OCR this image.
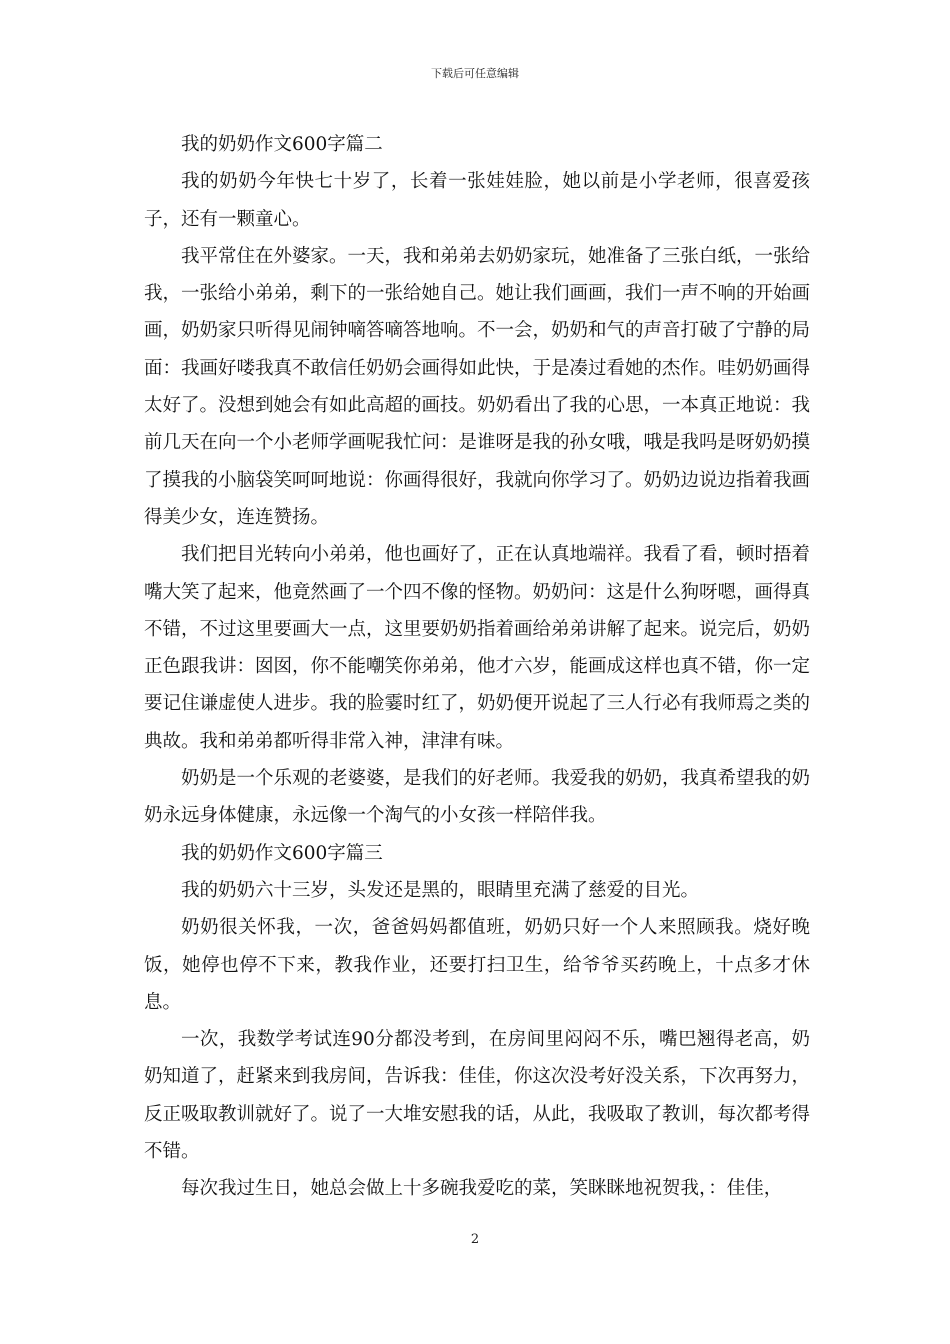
下载后可任意编辑

我的奶奶作文600字篇二

我的奶奶今年快七十岁了，长着一张娃娃脸，她以前是小学老师，很喜爱孩子，还有一颗童心。

我平常住在外婆家。一天，我和弟弟去奶奶家玩，她准备了三张白纸，一张给我，一张给小弟弟，剩下的一张给她自己。她让我们画画，我们一声不响的开始画画，奶奶家只听得见闹钟嘀答嘀答地响。不一会，奶奶和气的声音打破了宁静的局面：我画好喽我真不敢信任奶奶会画得如此快，于是凑过看她的杰作。哇奶奶画得太好了。没想到她会有如此高超的画技。奶奶看出了我的心思，一本真正地说：我前几天在向一个小老师学画呢我忙问：是谁呀是我的孙女哦，哦是我吗是呀奶奶摸了摸我的小脑袋笑呵呵地说：你画得很好，我就向你学习了。奶奶边说边指着我画得美少女，连连赞扬。

我们把目光转向小弟弟，他也画好了，正在认真地端祥。我看了看，顿时捂着嘴大笑了起来，他竟然画了一个四不像的怪物。奶奶问：这是什么狗呀嗯，画得真不错，不过这里要画大一点，这里要奶奶指着画给弟弟讲解了起来。说完后，奶奶正色跟我讲：囡囡，你不能嘲笑你弟弟，他才六岁，能画成这样也真不错，你一定要记住谦虚使人进步。我的脸霎时红了，奶奶便开说起了三人行必有我师焉之类的典故。我和弟弟都听得非常入神，津津有味。

奶奶是一个乐观的老婆婆，是我们的好老师。我爱我的奶奶，我真希望我的奶奶永远身体健康，永远像一个淘气的小女孩一样陪伴我。

我的奶奶作文600字篇三

我的奶奶六十三岁，头发还是黑的，眼睛里充满了慈爱的目光。

奶奶很关怀我，一次，爸爸妈妈都值班，奶奶只好一个人来照顾我。烧好晚饭，她停也停不下来，教我作业，还要打扫卫生，给爷爷买药晚上，十点多才休息。

一次，我数学考试连90分都没考到，在房间里闷闷不乐，嘴巴翘得老高，奶奶知道了，赶紧来到我房间，告诉我：佳佳，你这次没考好没关系，下次再努力，反正吸取教训就好了。说了一大堆安慰我的话，从此，我吸取了教训，每次都考得不错。

每次我过生日，她总会做上十多碗我爱吃的菜，笑眯眯地祝贺我，：佳佳，

2
